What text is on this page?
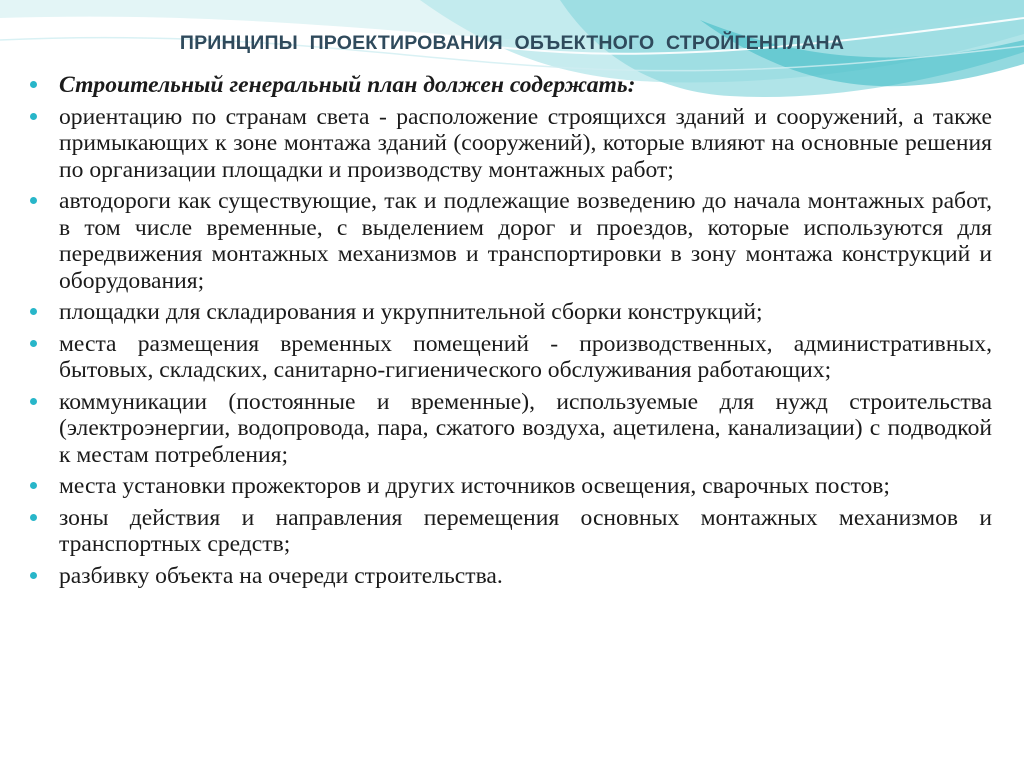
ПРИНЦИПЫ ПРОЕКТИРОВАНИЯ ОБЪЕКТНОГО СТРОЙГЕНПЛАНА
Строительный генеральный план должен содержать:
ориентацию по странам света - расположение строящихся зданий и сооружений, а также примыкающих к зоне монтажа зданий (сооружений), которые влияют на основные решения по организации площадки и производству монтажных работ;
автодороги как существующие, так и подлежащие возведению до начала монтажных работ, в том числе временные, с выделением дорог и проездов, которые используются для передвижения монтажных механизмов и транспортировки в зону монтажа конструкций и оборудования;
площадки для складирования и укрупнительной сборки конструкций;
места размещения временных помещений - производственных, административных, бытовых, складских, санитарно-гигиенического обслуживания работающих;
коммуникации (постоянные и временные), используемые для нужд строительства (электроэнергии, водопровода, пара, сжатого воздуха, ацетилена, канализации) с подводкой к местам потребления;
места установки прожекторов и других источников освещения, сварочных постов;
зоны действия и направления перемещения основных монтажных механизмов и транспортных средств;
разбивку объекта на очереди строительства.
